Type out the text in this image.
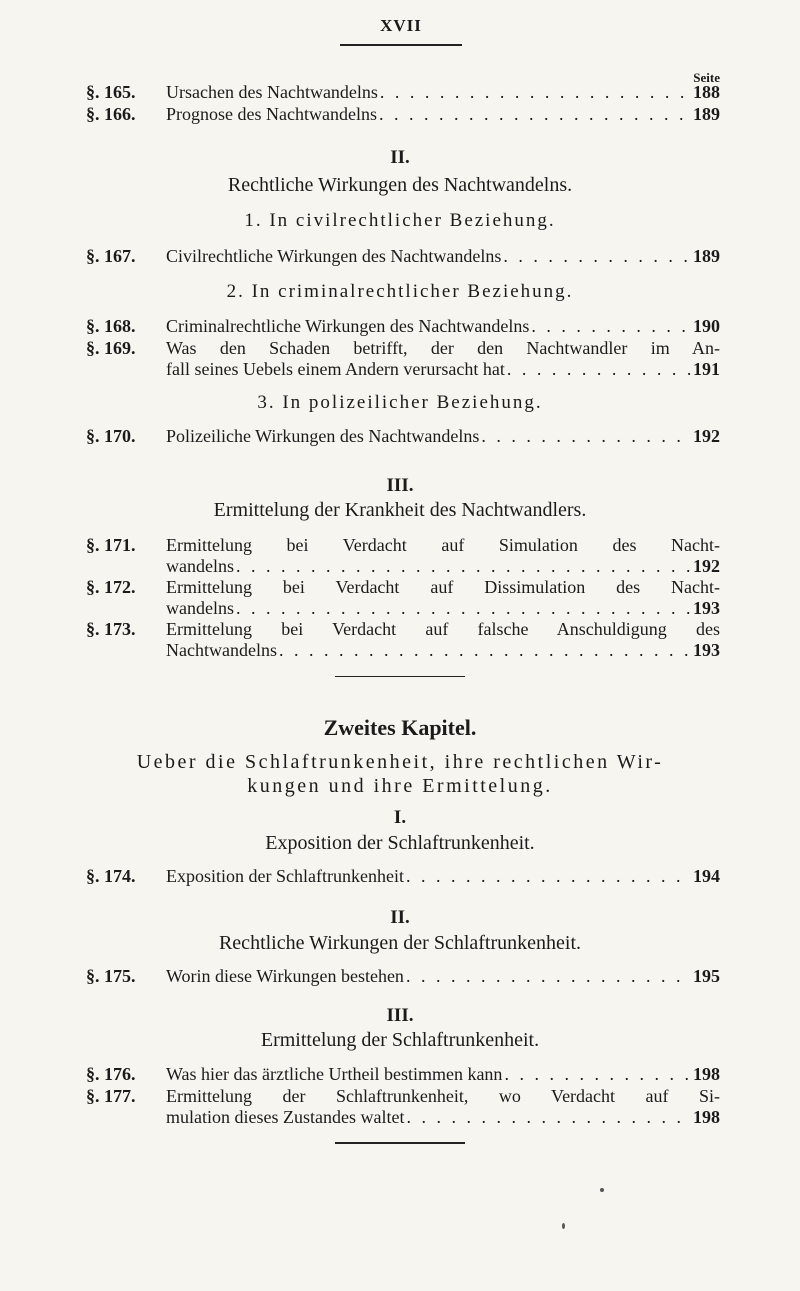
XVII
Seite
§. 165. Ursachen des Nachtwandelns . . .	188
§. 166. Prognose des Nachtwandelns . . .	189
II.
Rechtliche Wirkungen des Nachtwandelns.
1. In civilrechtlicher Beziehung.
§. 167. Civilrechtliche Wirkungen des Nachtwandelns . . .	189
2. In criminalrechtlicher Beziehung.
§. 168. Criminalrechtliche Wirkungen des Nachtwandelns . . .	190
§. 169. Was den Schaden betrifft, der den Nachtwandler im An-
fall seines Uebels einem Andern verursacht hat . . .	191
3. In polizeilicher Beziehung.
§. 170. Polizeiliche Wirkungen des Nachtwandelns . . .	192
III.
Ermittelung der Krankheit des Nachtwandlers.
§. 171. Ermittelung bei Verdacht auf Simulation des Nacht-
wandelns . . .	192
§. 172. Ermittelung bei Verdacht auf Dissimulation des Nacht-
wandelns . . .	193
§. 173. Ermittelung bei Verdacht auf falsche Anschuldigung des
Nachtwandelns . . .	193
Zweites Kapitel.
Ueber die Schlaftrunkenheit, ihre rechtlichen Wir-
kungen und ihre Ermittelung.
I.
Exposition der Schlaftrunkenheit.
§. 174. Exposition der Schlaftrunkenheit . . .	194
II.
Rechtliche Wirkungen der Schlaftrunkenheit.
§. 175. Worin diese Wirkungen bestehen . . .	195
III.
Ermittelung der Schlaftrunkenheit.
§. 176. Was hier das ärztliche Urtheil bestimmen kann . . .	198
§. 177. Ermittelung der Schlaftrunkenheit, wo Verdacht auf Si-
mulation dieses Zustandes waltet . . .	198
